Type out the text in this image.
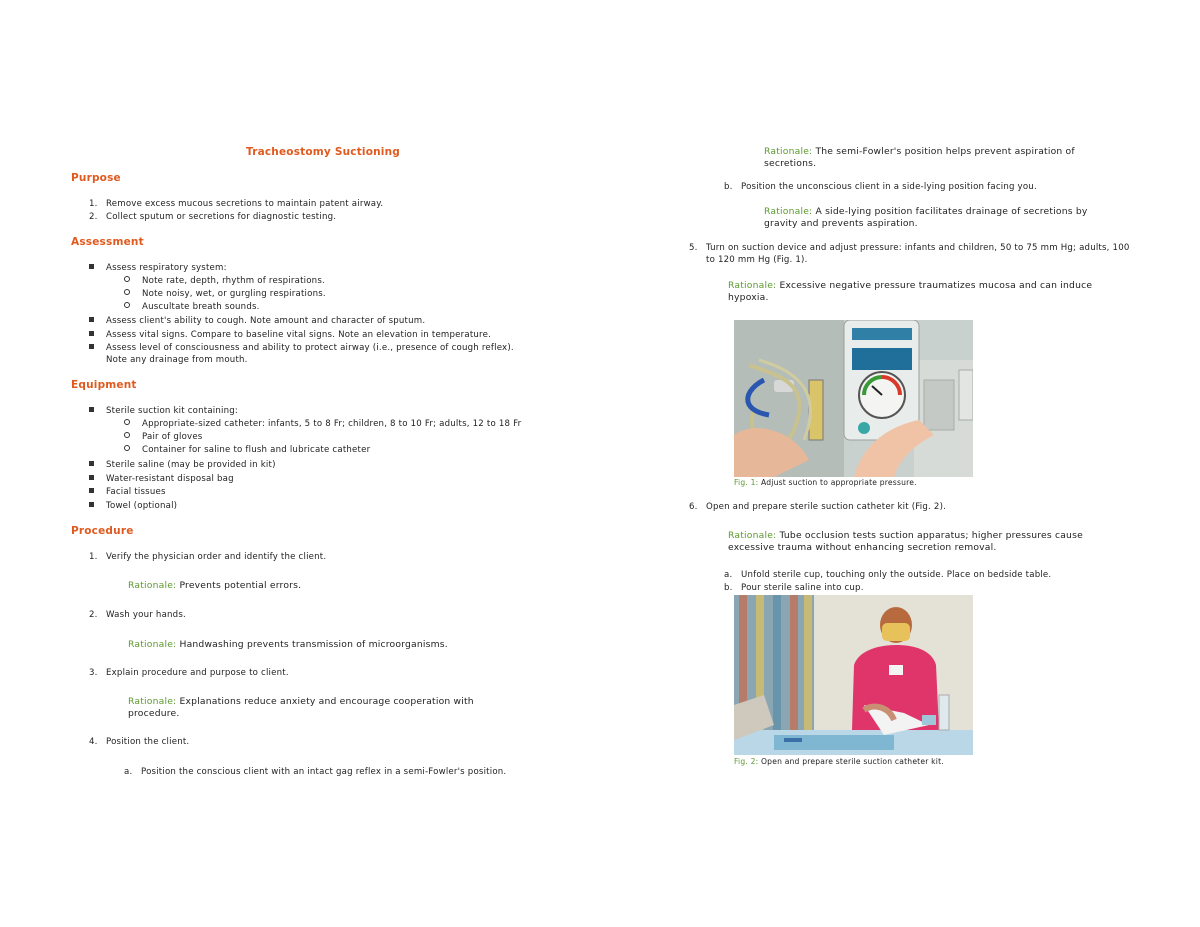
Tracheostomy Suctioning
Purpose
1. Remove excess mucous secretions to maintain patent airway.
2. Collect sputum or secretions for diagnostic testing.
Assessment
Assess respiratory system:
Note rate, depth, rhythm of respirations.
Note noisy, wet, or gurgling respirations.
Auscultate breath sounds.
Assess client's ability to cough. Note amount and character of sputum.
Assess vital signs. Compare to baseline vital signs. Note an elevation in temperature.
Assess level of consciousness and ability to protect airway (i.e., presence of cough reflex).
Note any drainage from mouth.
Equipment
Sterile suction kit containing:
Appropriate-sized catheter: infants, 5 to 8 Fr; children, 8 to 10 Fr; adults, 12 to 18 Fr
Pair of gloves
Container for saline to flush and lubricate catheter
Sterile saline (may be provided in kit)
Water-resistant disposal bag
Facial tissues
Towel (optional)
Procedure
1. Verify the physician order and identify the client.
Rationale: Prevents potential errors.
2. Wash your hands.
Rationale: Handwashing prevents transmission of microorganisms.
3. Explain procedure and purpose to client.
Rationale: Explanations reduce anxiety and encourage cooperation with
procedure.
4. Position the client.
a. Position the conscious client with an intact gag reflex in a semi-Fowler's position.
Rationale: The semi-Fowler's position helps prevent aspiration of
secretions.
b. Position the unconscious client in a side-lying position facing you.
Rationale: A side-lying position facilitates drainage of secretions by
gravity and prevents aspiration.
5. Turn on suction device and adjust pressure: infants and children, 50 to 75 mm Hg; adults, 100
to 120 mm Hg (Fig. 1).
Rationale: Excessive negative pressure traumatizes mucosa and can induce
hypoxia.
Fig. 1: Adjust suction to appropriate pressure.
6. Open and prepare sterile suction catheter kit (Fig. 2).
Rationale: Tube occlusion tests suction apparatus; higher pressures cause
excessive trauma without enhancing secretion removal.
a. Unfold sterile cup, touching only the outside. Place on bedside table.
b. Pour sterile saline into cup.
Fig. 2: Open and prepare sterile suction catheter kit.
